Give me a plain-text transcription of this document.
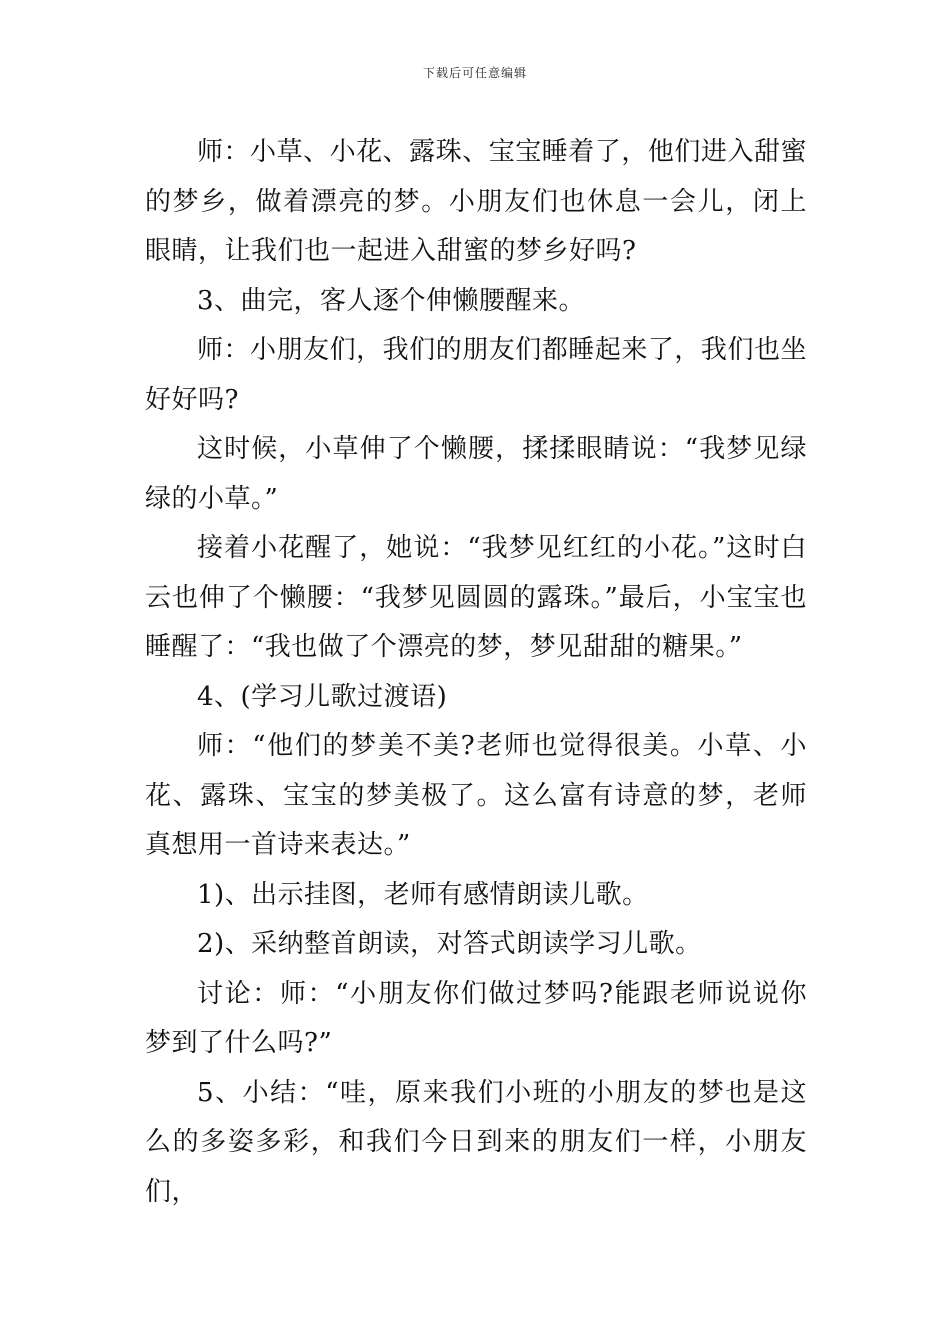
下载后可任意编辑

师：小草、小花、露珠、宝宝睡着了，他们进入甜蜜的梦乡，做着漂亮的梦。小朋友们也休息一会儿，闭上眼睛，让我们也一起进入甜蜜的梦乡好吗?

3、曲完，客人逐个伸懒腰醒来。

师：小朋友们，我们的朋友们都睡起来了，我们也坐好好吗?

这时候，小草伸了个懒腰，揉揉眼睛说：“我梦见绿绿的小草。”

接着小花醒了，她说：“我梦见红红的小花。”这时白云也伸了个懒腰：“我梦见圆圆的露珠。”最后，小宝宝也睡醒了：“我也做了个漂亮的梦，梦见甜甜的糖果。”

4、(学习儿歌过渡语)

师：“他们的梦美不美?老师也觉得很美。小草、小花、露珠、宝宝的梦美极了。这么富有诗意的梦，老师真想用一首诗来表达。”

1)、出示挂图，老师有感情朗读儿歌。

2)、采纳整首朗读，对答式朗读学习儿歌。

讨论：师：“小朋友你们做过梦吗?能跟老师说说你梦到了什么吗?”

5、小结：“哇，原来我们小班的小朋友的梦也是这么的多姿多彩，和我们今日到来的朋友们一样，小朋友们，
